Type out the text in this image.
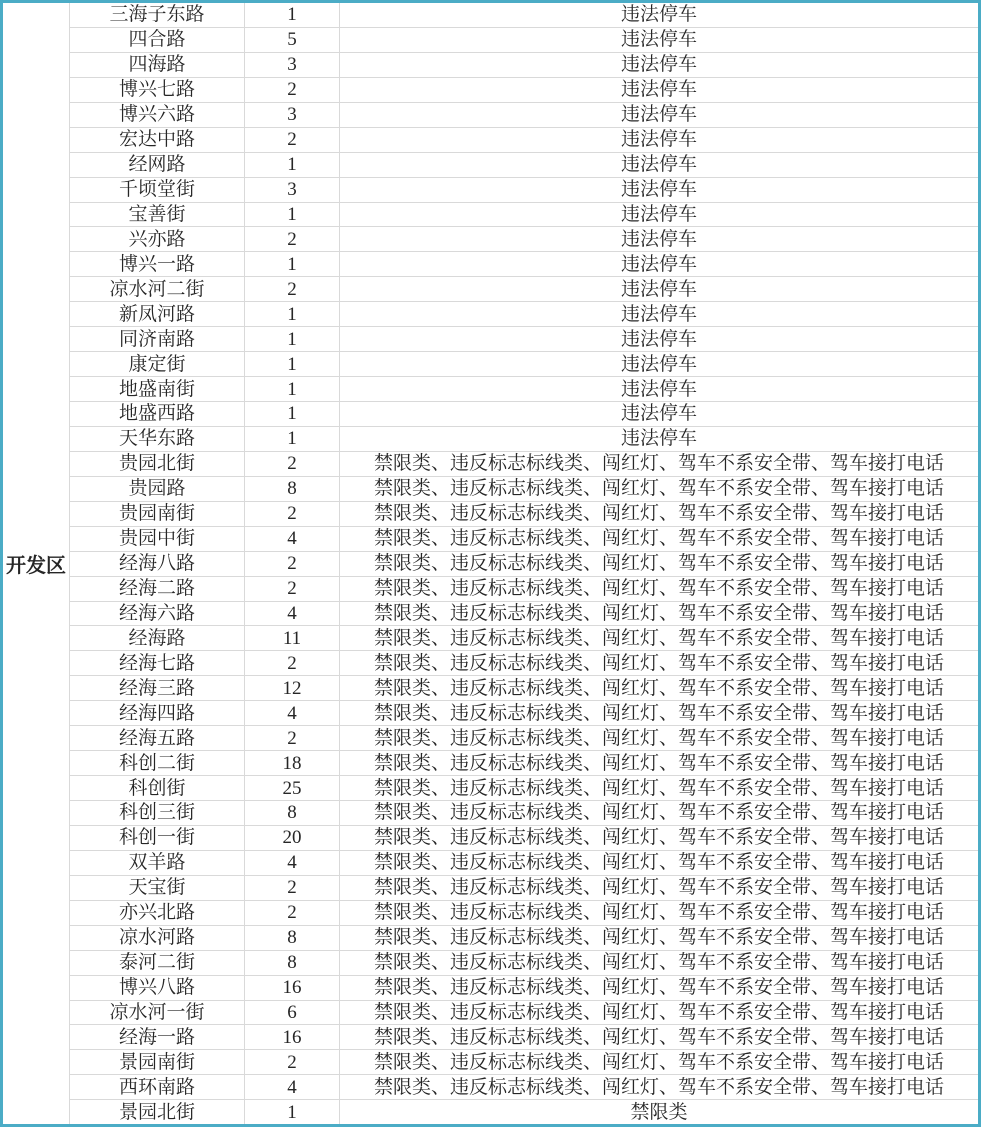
开发区
三海子东路	1	违法停车
四合路	5	违法停车
四海路	3	违法停车
博兴七路	2	违法停车
博兴六路	3	违法停车
宏达中路	2	违法停车
经网路	1	违法停车
千顷堂街	3	违法停车
宝善街	1	违法停车
兴亦路	2	违法停车
博兴一路	1	违法停车
凉水河二街	2	违法停车
新凤河路	1	违法停车
同济南路	1	违法停车
康定街	1	违法停车
地盛南街	1	违法停车
地盛西路	1	违法停车
天华东路	1	违法停车
贵园北街	2	禁限类、违反标志标线类、闯红灯、驾车不系安全带、驾车接打电话
贵园路	8	禁限类、违反标志标线类、闯红灯、驾车不系安全带、驾车接打电话
贵园南街	2	禁限类、违反标志标线类、闯红灯、驾车不系安全带、驾车接打电话
贵园中街	4	禁限类、违反标志标线类、闯红灯、驾车不系安全带、驾车接打电话
经海八路	2	禁限类、违反标志标线类、闯红灯、驾车不系安全带、驾车接打电话
经海二路	2	禁限类、违反标志标线类、闯红灯、驾车不系安全带、驾车接打电话
经海六路	4	禁限类、违反标志标线类、闯红灯、驾车不系安全带、驾车接打电话
经海路	11	禁限类、违反标志标线类、闯红灯、驾车不系安全带、驾车接打电话
经海七路	2	禁限类、违反标志标线类、闯红灯、驾车不系安全带、驾车接打电话
经海三路	12	禁限类、违反标志标线类、闯红灯、驾车不系安全带、驾车接打电话
经海四路	4	禁限类、违反标志标线类、闯红灯、驾车不系安全带、驾车接打电话
经海五路	2	禁限类、违反标志标线类、闯红灯、驾车不系安全带、驾车接打电话
科创二街	18	禁限类、违反标志标线类、闯红灯、驾车不系安全带、驾车接打电话
科创街	25	禁限类、违反标志标线类、闯红灯、驾车不系安全带、驾车接打电话
科创三街	8	禁限类、违反标志标线类、闯红灯、驾车不系安全带、驾车接打电话
科创一街	20	禁限类、违反标志标线类、闯红灯、驾车不系安全带、驾车接打电话
双羊路	4	禁限类、违反标志标线类、闯红灯、驾车不系安全带、驾车接打电话
天宝街	2	禁限类、违反标志标线类、闯红灯、驾车不系安全带、驾车接打电话
亦兴北路	2	禁限类、违反标志标线类、闯红灯、驾车不系安全带、驾车接打电话
凉水河路	8	禁限类、违反标志标线类、闯红灯、驾车不系安全带、驾车接打电话
泰河二街	8	禁限类、违反标志标线类、闯红灯、驾车不系安全带、驾车接打电话
博兴八路	16	禁限类、违反标志标线类、闯红灯、驾车不系安全带、驾车接打电话
凉水河一街	6	禁限类、违反标志标线类、闯红灯、驾车不系安全带、驾车接打电话
经海一路	16	禁限类、违反标志标线类、闯红灯、驾车不系安全带、驾车接打电话
景园南街	2	禁限类、违反标志标线类、闯红灯、驾车不系安全带、驾车接打电话
西环南路	4	禁限类、违反标志标线类、闯红灯、驾车不系安全带、驾车接打电话
景园北街	1	禁限类
